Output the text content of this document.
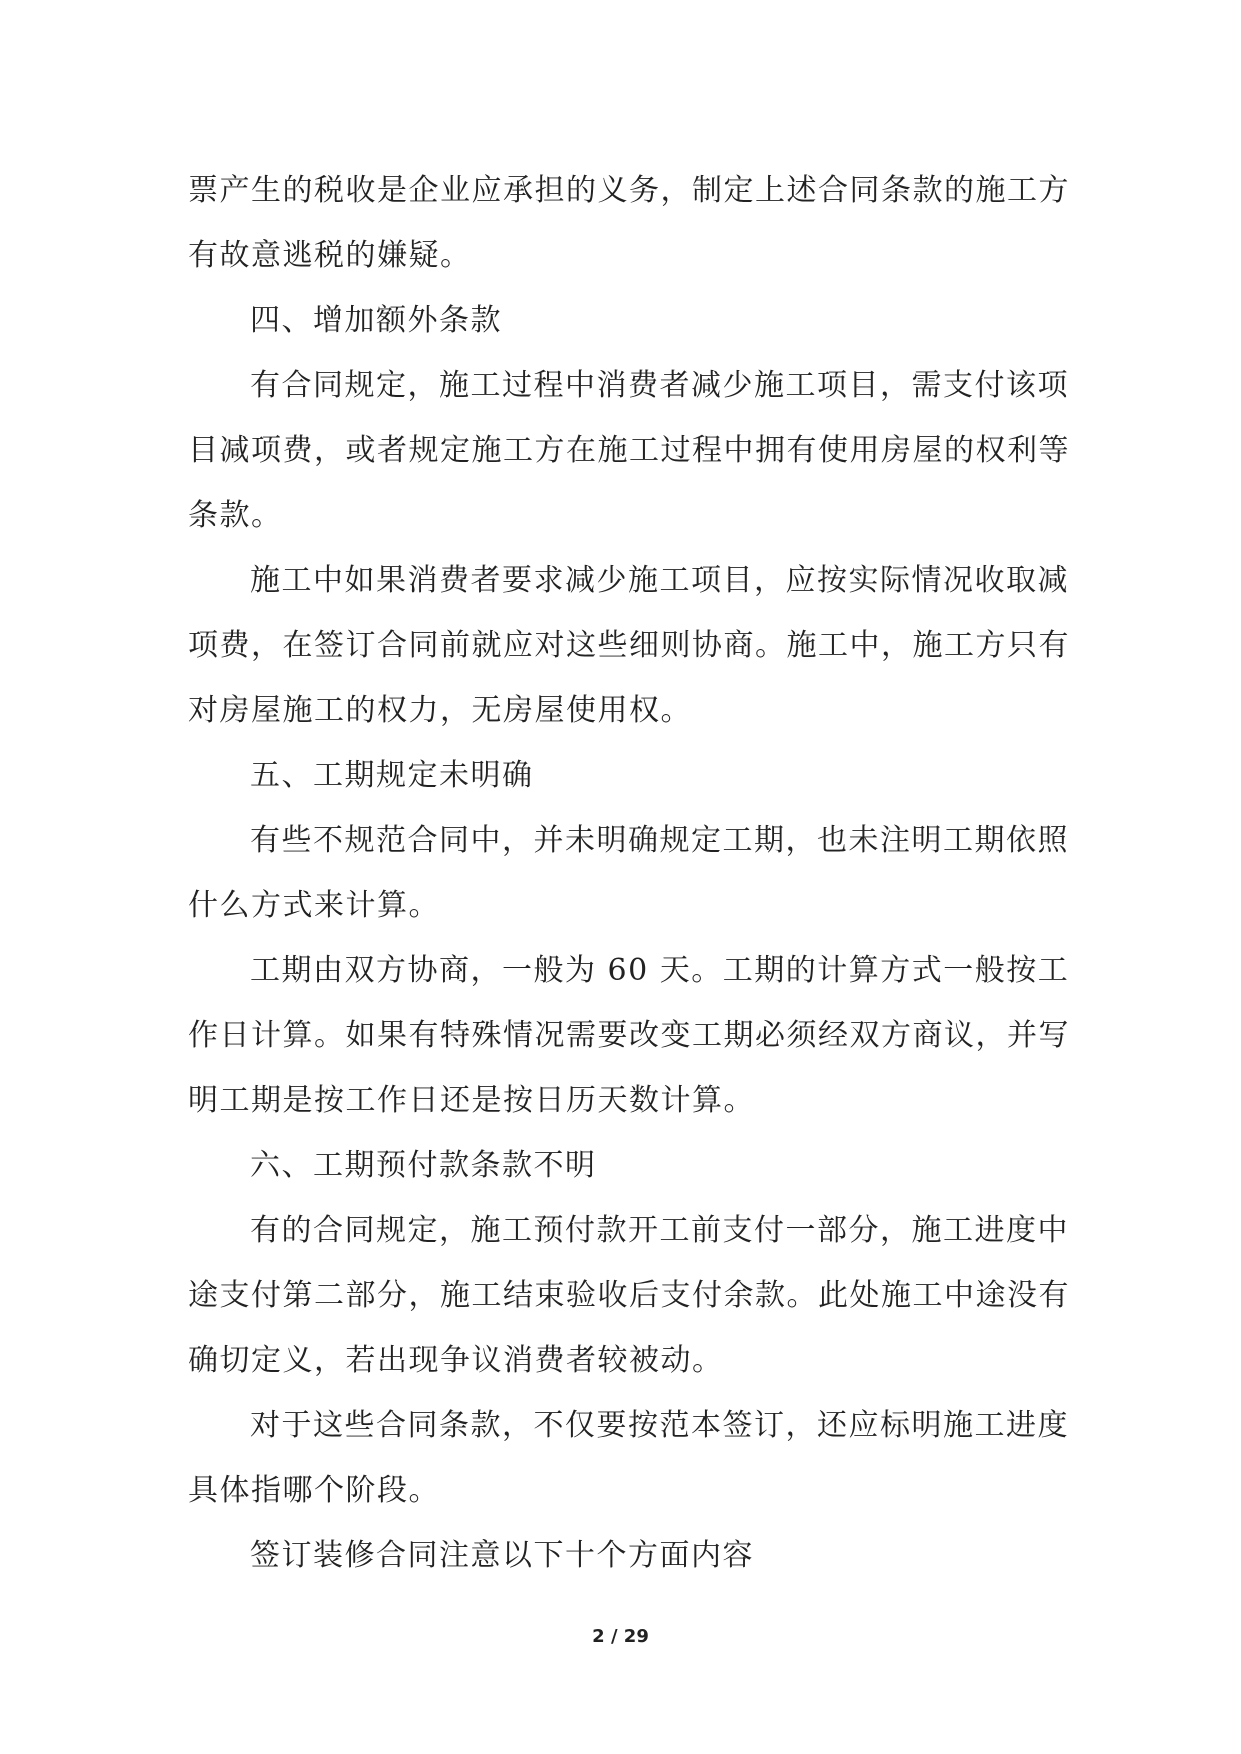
票产生的税收是企业应承担的义务，制定上述合同条款的施工方
有故意逃税的嫌疑。
四、增加额外条款
有合同规定，施工过程中消费者减少施工项目，需支付该项
目减项费，或者规定施工方在施工过程中拥有使用房屋的权利等
条款。
施工中如果消费者要求减少施工项目，应按实际情况收取减
项费，在签订合同前就应对这些细则协商。施工中，施工方只有
对房屋施工的权力，无房屋使用权。
五、工期规定未明确
有些不规范合同中，并未明确规定工期，也未注明工期依照
什么方式来计算。
工期由双方协商，一般为 60 天。工期的计算方式一般按工
作日计算。如果有特殊情况需要改变工期必须经双方商议，并写
明工期是按工作日还是按日历天数计算。
六、工期预付款条款不明
有的合同规定，施工预付款开工前支付一部分，施工进度中
途支付第二部分，施工结束验收后支付余款。此处施工中途没有
确切定义，若出现争议消费者较被动。
对于这些合同条款，不仅要按范本签订，还应标明施工进度
具体指哪个阶段。
签订装修合同注意以下十个方面内容
2 / 29
